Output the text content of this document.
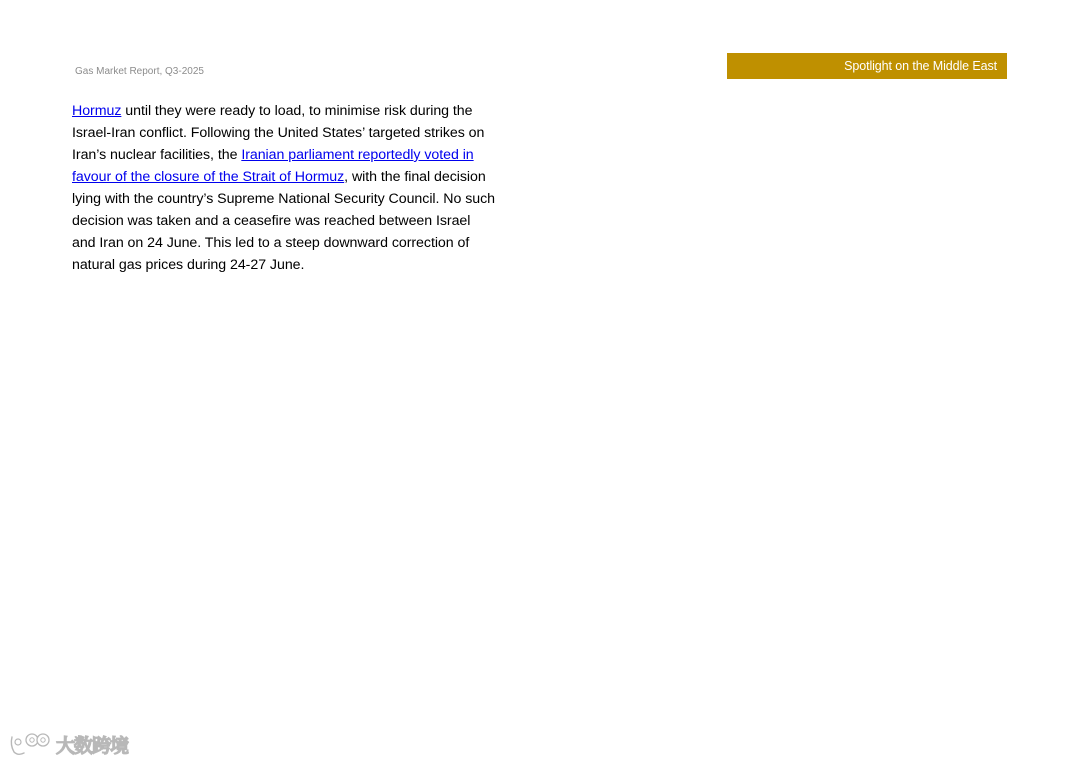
Gas Market Report, Q3-2025	Spotlight on the Middle East
Hormuz until they were ready to load, to minimise risk during the
Israel-Iran conflict. Following the United States’ targeted strikes on
Iran’s nuclear facilities, the Iranian parliament reportedly voted in
favour of the closure of the Strait of Hormuz, with the final decision
lying with the country’s Supreme National Security Council. No such
decision was taken and a ceasefire was reached between Israel
and Iran on 24 June. This led to a steep downward correction of
natural gas prices during 24-27 June.
大数跨境
